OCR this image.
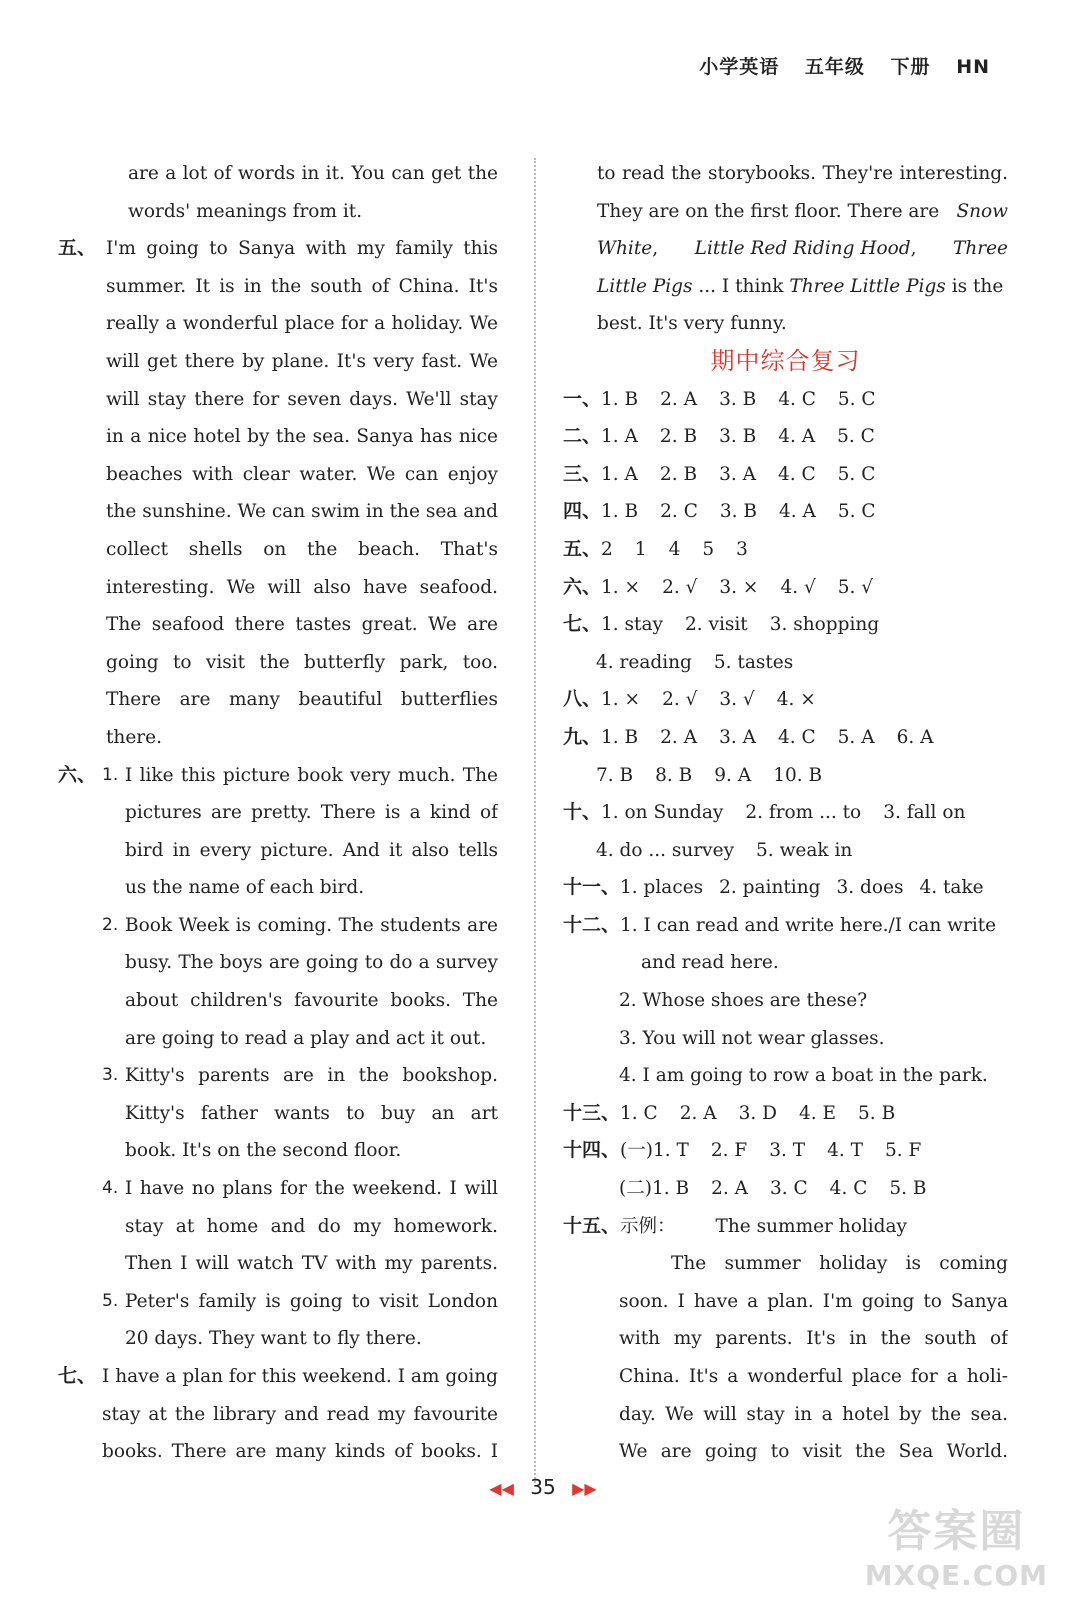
小学英语 五年级 下册 HN
are a lot of words in it. You can get the
words' meanings from it.
五、 I'm going to Sanya with my family this
summer. It is in the south of China. It's
really a wonderful place for a holiday. We
will get there by plane. It's very fast. We
will stay there for seven days. We'll stay
in a nice hotel by the sea. Sanya has nice
beaches with clear water. We can enjoy
the sunshine. We can swim in the sea and
collect shells on the beach. That's
interesting. We will also have seafood.
The seafood there tastes great. We are
going to visit the butterfly park, too.
There are many beautiful butterflies
there.
六、 1. I like this picture book very much. The
pictures are pretty. There is a kind of
bird in every picture. And it also tells
us the name of each bird.
2. Book Week is coming. The students are
busy. The boys are going to do a survey
about children's favourite books. The
are going to read a play and act it out.
3. Kitty's parents are in the bookshop.
Kitty's father wants to buy an art
book. It's on the second floor.
4. I have no plans for the weekend. I will
stay at home and do my homework.
Then I will watch TV with my parents.
5. Peter's family is going to visit London
20 days. They want to fly there.
七、 I have a plan for this weekend. I am going
stay at the library and read my favourite
books. There are many kinds of books. I
to read the storybooks. They're interesting.
They are on the first floor. There are Snow
White, Little Red Riding Hood, Three
Little Pigs ... I think Three Little Pigs is the
best. It's very funny.
期中综合复习
一、1. B 2. A 3. B 4. C 5. C
二、1. A 2. B 3. B 4. A 5. C
三、1. A 2. B 3. A 4. C 5. C
四、1. B 2. C 3. B 4. A 5. C
五、2 1 4 5 3
六、1. × 2. √ 3. × 4. √ 5. √
七、1. stay 2. visit 3. shopping
4. reading 5. tastes
八、1. × 2. √ 3. √ 4. ×
九、1. B 2. A 3. A 4. C 5. A 6. A
7. B 8. B 9. A 10. B
十、1. on Sunday 2. from ... to 3. fall on
4. do ... survey 5. weak in
十一、1. places 2. painting 3. does 4. take
十二、1. I can read and write here./I can write
and read here.
2. Whose shoes are these?
3. You will not wear glasses.
4. I am going to row a boat in the park.
十三、1. C 2. A 3. D 4. E 5. B
十四、(一)1. T 2. F 3. T 4. T 5. F
(二)1. B 2. A 3. C 4. C 5. B
十五、示例： The summer holiday
The summer holiday is coming
soon. I have a plan. I'm going to Sanya
with my parents. It's in the south of
China. It's a wonderful place for a holi-
day. We will stay in a hotel by the sea.
We are going to visit the Sea World.
◀◀ 35 ▶▶
答案圈
MXQE.COM
